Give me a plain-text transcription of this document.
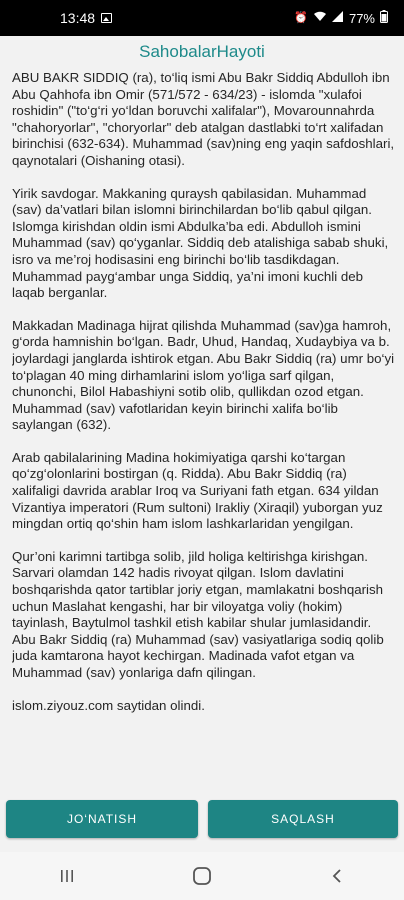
13:48	⏰	77%
SahobalarHayoti

ABU BAKR SIDDIQ (ra), to‘liq ismi Abu Bakr Siddiq Abdulloh ibn Abu Qahhofa ibn Omir (571/572 - 634/23) - islomda "xulafoi roshidin" ("to‘g‘ri yo‘ldan boruvchi xalifalar"), Movarounnahrda "chahoryorlar", "choryorlar" deb atalgan dastlabki to‘rt xalifadan birinchisi (632-634). Muhammad (sav)ning eng yaqin safdoshlari, qaynotalari (Oishaning otasi).

Yirik savdogar. Makkaning quraysh qabilasidan. Muhammad (sav) da’vatlari bilan islomni birinchilardan bo‘lib qabul qilgan. Islomga kirishdan oldin ismi Abdulka’ba edi. Abdulloh ismini Muhammad (sav) qo‘yganlar. Siddiq deb atalishiga sabab shuki, isro va me’roj hodisasini eng birinchi bo‘lib tasdikdagan. Muhammad payg‘ambar unga Siddiq, ya’ni imoni kuchli deb laqab berganlar.

Makkadan Madinaga hijrat qilishda Muhammad (sav)ga hamroh, g‘orda hamnishin bo‘lgan. Badr, Uhud, Handaq, Xudaybiya va b. joylardagi janglarda ishtirok etgan. Abu Bakr Siddiq (ra) umr bo‘yi to‘plagan 40 ming dirhamlarini islom yo‘liga sarf qilgan, chunonchi, Bilol Habashiyni sotib olib, qullikdan ozod etgan. Muhammad (sav) vafotlaridan keyin birinchi xalifa bo‘lib saylangan (632).

Arab qabilalarining Madina hokimiyatiga qarshi ko‘targan qo‘zg‘olonlarini bostirgan (q. Ridda). Abu Bakr Siddiq (ra) xalifaligi davrida arablar Iroq va Suriyani fath etgan. 634 yildan Vizantiya imperatori (Rum sultoni) Irakliy (Xiraqil) yuborgan yuz mingdan ortiq qo‘shin ham islom lashkarlaridan yengilgan.

Qur’oni karimni tartibga solib, jild holiga keltirishga kirishgan. Sarvari olamdan 142 hadis rivoyat qilgan. Islom davlatini boshqarishda qator tartiblar joriy etgan, mamlakatni boshqarish uchun Maslahat kengashi, har bir viloyatga voliy (hokim) tayinlash, Baytulmol tashkil etish kabilar shular jumlasidandir. Abu Bakr Siddiq (ra) Muhammad (sav) vasiyatlariga sodiq qolib juda kamtarona hayot kechirgan. Madinada vafot etgan va Muhammad (sav) yonlariga dafn qilingan.

islom.ziyouz.com saytidan olindi.

JO‘NATISH	SAQLASH
